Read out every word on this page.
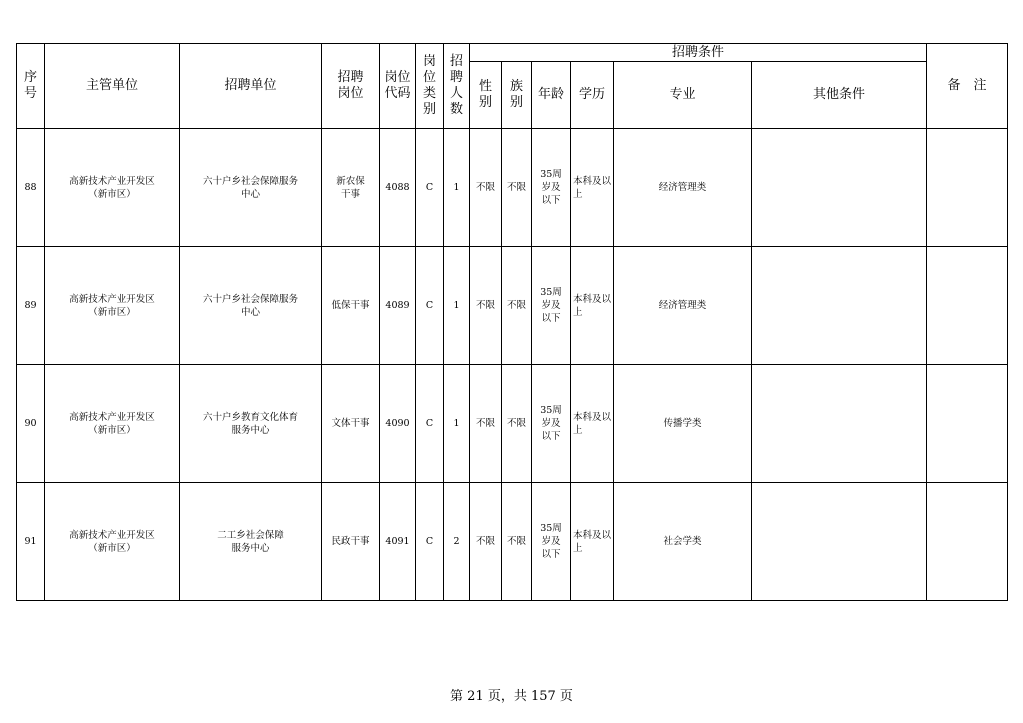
序号	主管单位	招聘单位	招聘岗位	岗位代码	岗位类别	招聘人数	招聘条件						备　注
							性别	族别	年龄	学历	专业	其他条件	
88	高新技术产业开发区（新市区）	六十户乡社会保障服务中心	新农保干事	4088	C	1	不限	不限	35周岁及以下	本科及以上	经济管理类		
89	高新技术产业开发区（新市区）	六十户乡社会保障服务中心	低保干事	4089	C	1	不限	不限	35周岁及以下	本科及以上	经济管理类		
90	高新技术产业开发区（新市区）	六十户乡教育文化体育服务中心	文体干事	4090	C	1	不限	不限	35周岁及以下	本科及以上	传播学类		
91	高新技术产业开发区（新市区）	二工乡社会保障服务中心	民政干事	4091	C	2	不限	不限	35周岁及以下	本科及以上	社会学类		
第 21 页，共 157 页
